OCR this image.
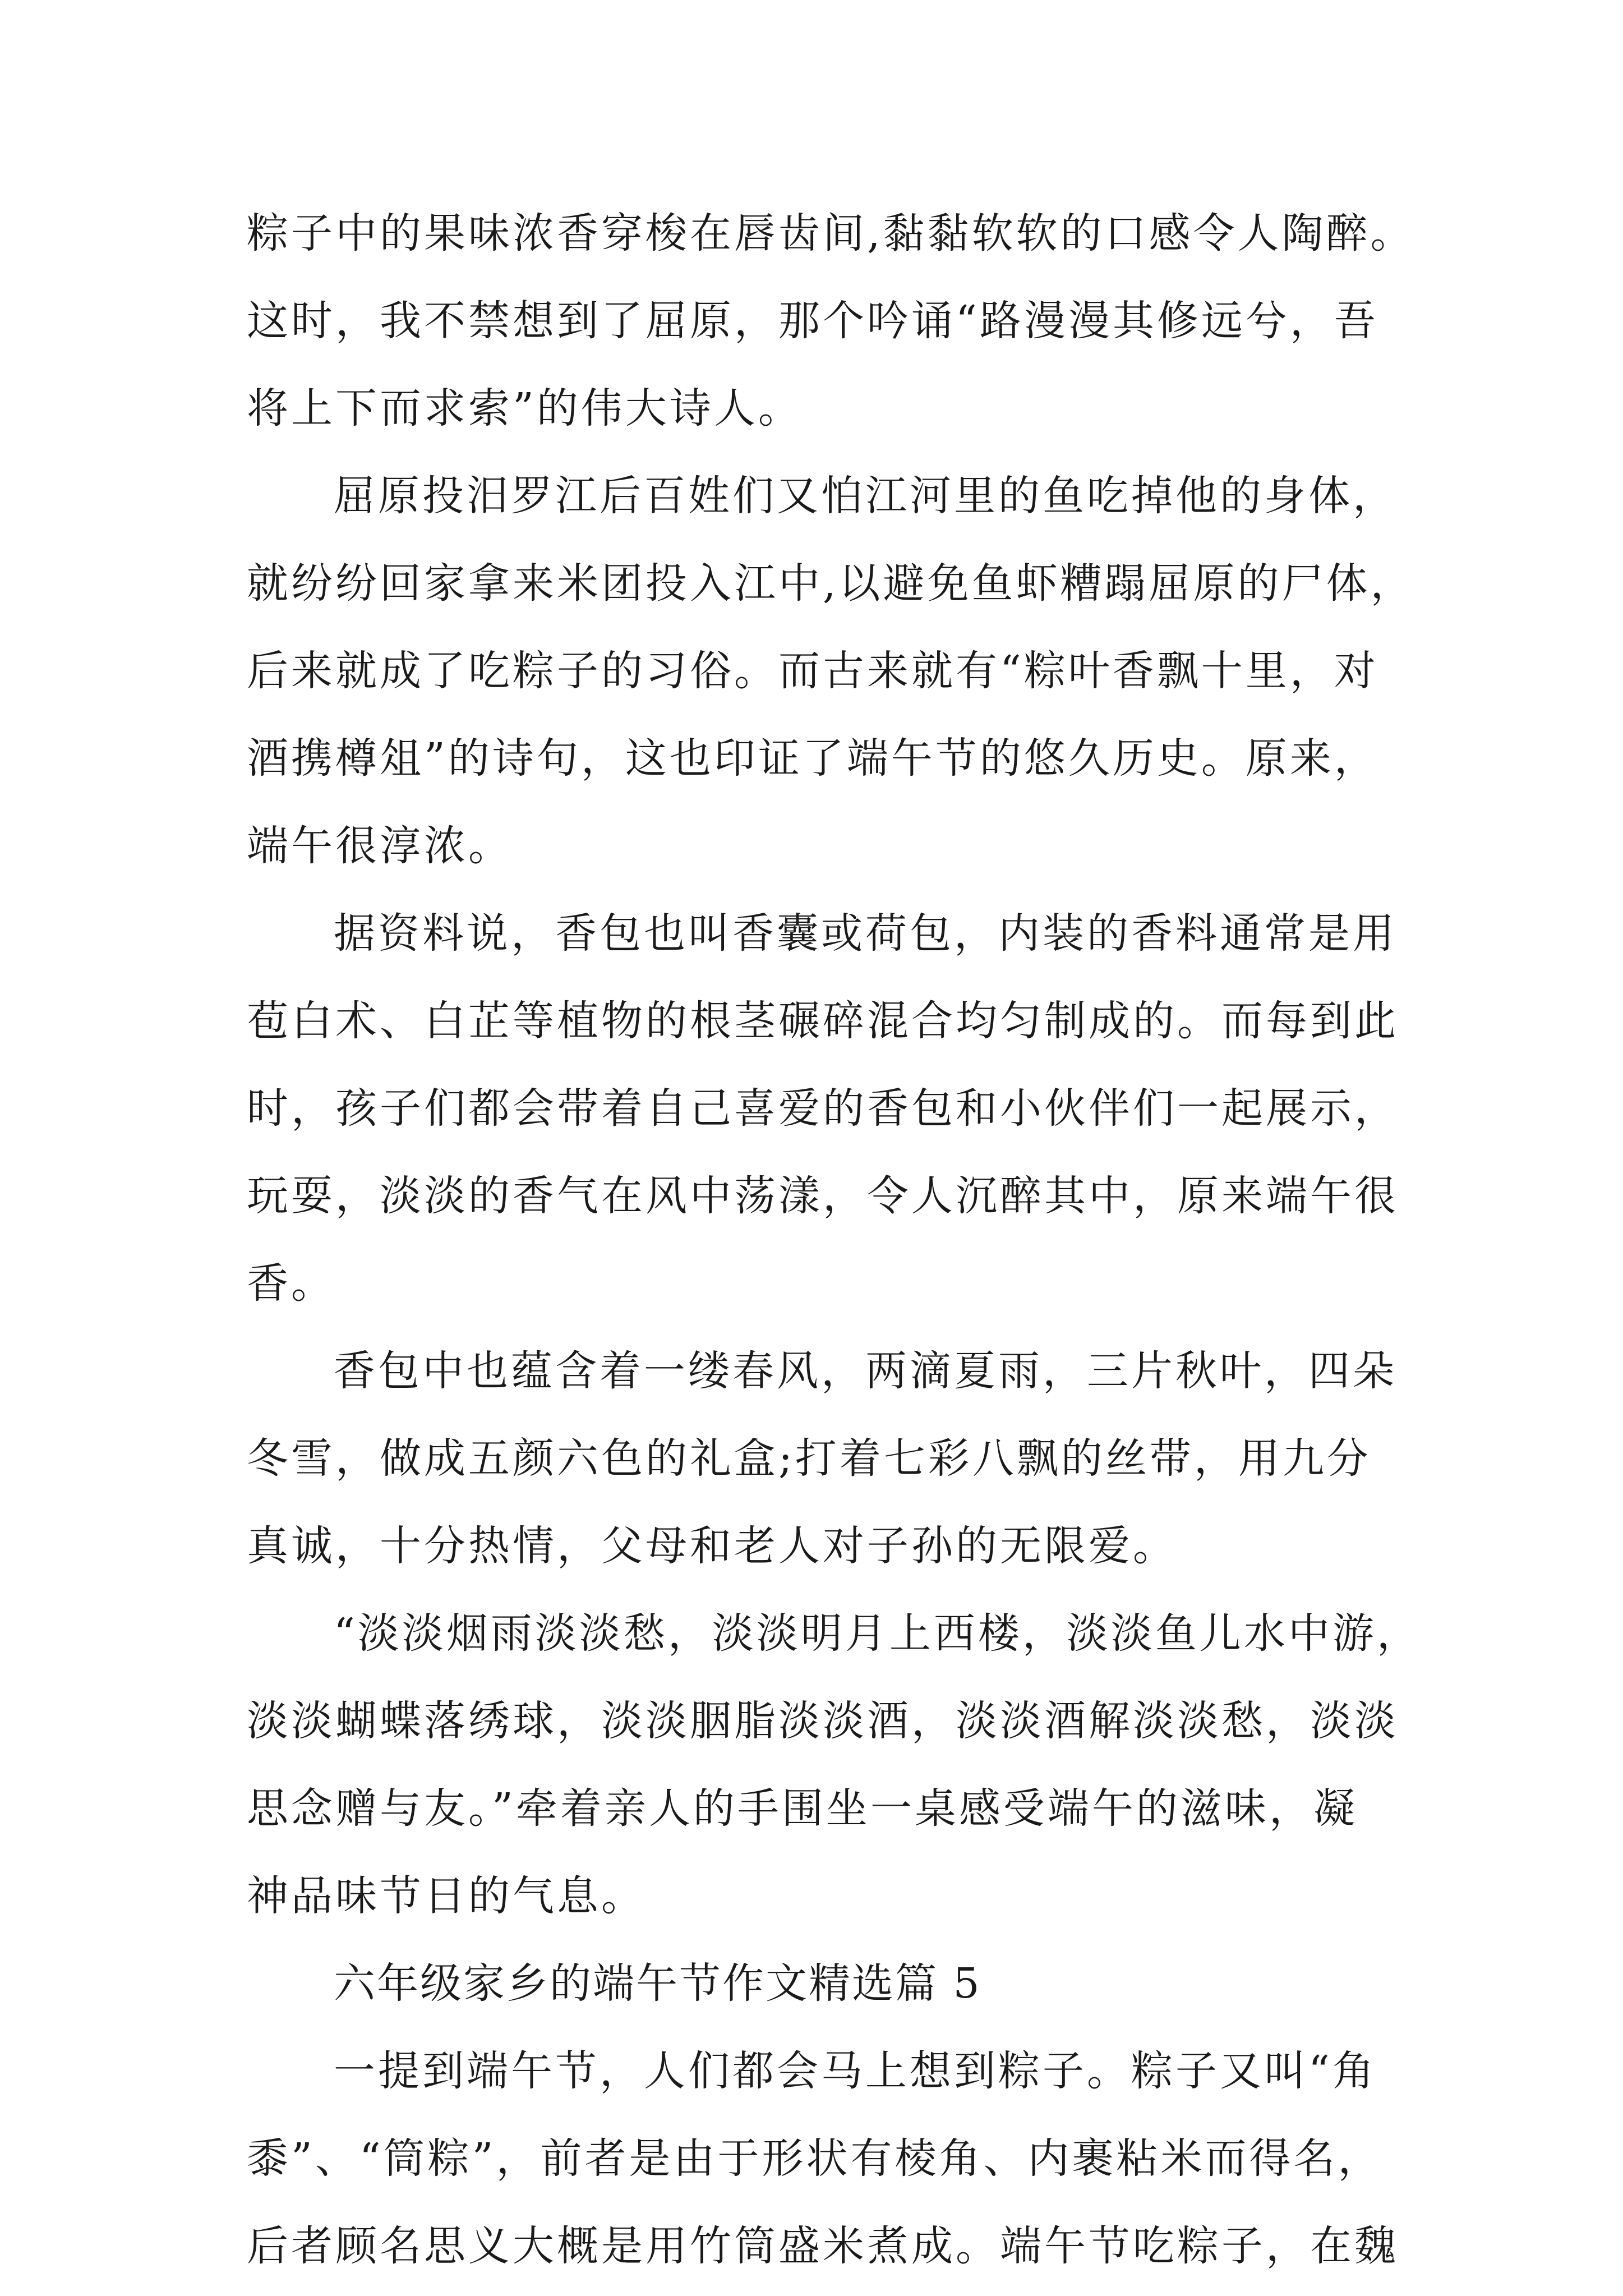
粽子中的果味浓香穿梭在唇齿间,黏黏软软的口感令人陶醉。
这时，我不禁想到了屈原，那个吟诵“路漫漫其修远兮，吾
将上下而求索”的伟大诗人。
屈原投汨罗江后百姓们又怕江河里的鱼吃掉他的身体，
就纷纷回家拿来米团投入江中,以避免鱼虾糟蹋屈原的尸体，
后来就成了吃粽子的习俗。而古来就有“粽叶香飘十里，对
酒携樽俎”的诗句，这也印证了端午节的悠久历史。原来，
端午很淳浓。
据资料说，香包也叫香囊或荷包，内装的香料通常是用
苞白术、白芷等植物的根茎碾碎混合均匀制成的。而每到此
时，孩子们都会带着自己喜爱的香包和小伙伴们一起展示，
玩耍，淡淡的香气在风中荡漾，令人沉醉其中，原来端午很
香。
香包中也蕴含着一缕春风，两滴夏雨，三片秋叶，四朵
冬雪，做成五颜六色的礼盒;打着七彩八飘的丝带，用九分
真诚，十分热情，父母和老人对子孙的无限爱。
“淡淡烟雨淡淡愁，淡淡明月上西楼，淡淡鱼儿水中游，
淡淡蝴蝶落绣球，淡淡胭脂淡淡酒，淡淡酒解淡淡愁，淡淡
思念赠与友。”牵着亲人的手围坐一桌感受端午的滋味，凝
神品味节日的气息。
六年级家乡的端午节作文精选篇 5
一提到端午节，人们都会马上想到粽子。粽子又叫“角
黍”、“筒粽”，前者是由于形状有棱角、内裹粘米而得名，
后者顾名思义大概是用竹筒盛米煮成。端午节吃粽子，在魏
